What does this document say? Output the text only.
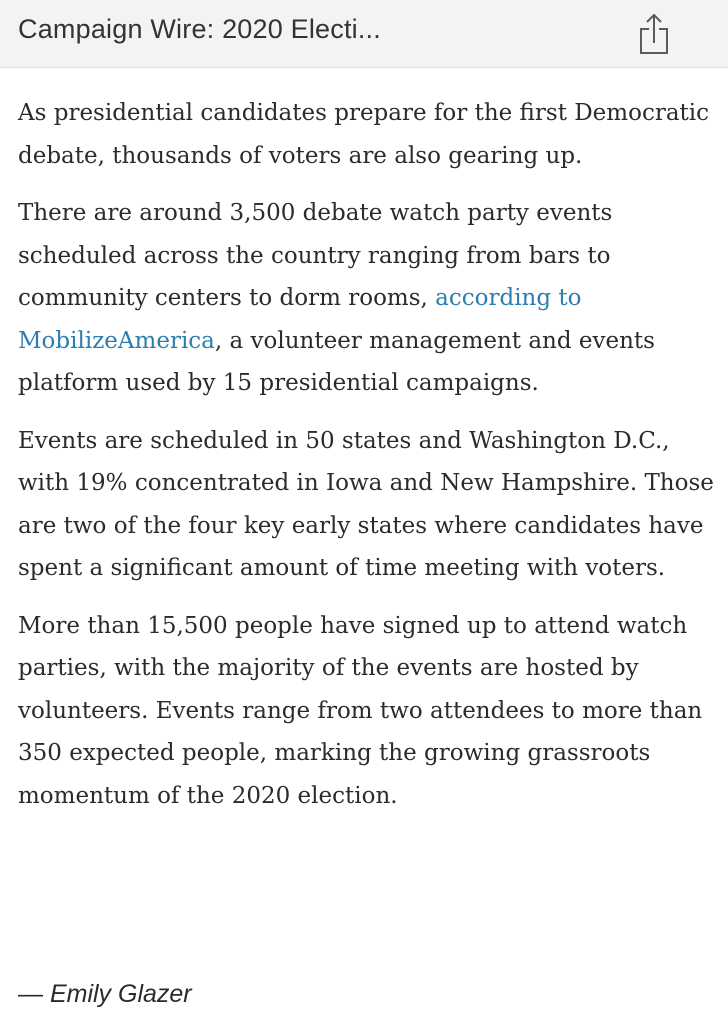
Campaign Wire: 2020 Electi...

As presidential candidates prepare for the first Democratic debate, thousands of voters are also gearing up.

There are around 3,500 debate watch party events scheduled across the country ranging from bars to community centers to dorm rooms, according to MobilizeAmerica, a volunteer management and events platform used by 15 presidential campaigns.

Events are scheduled in 50 states and Washington D.C., with 19% concentrated in Iowa and New Hampshire. Those are two of the four key early states where candidates have spent a significant amount of time meeting with voters.

More than 15,500 people have signed up to attend watch parties, with the majority of the events are hosted by volunteers. Events range from two attendees to more than 350 expected people, marking the growing grassroots momentum of the 2020 election.

— Emily Glazer
